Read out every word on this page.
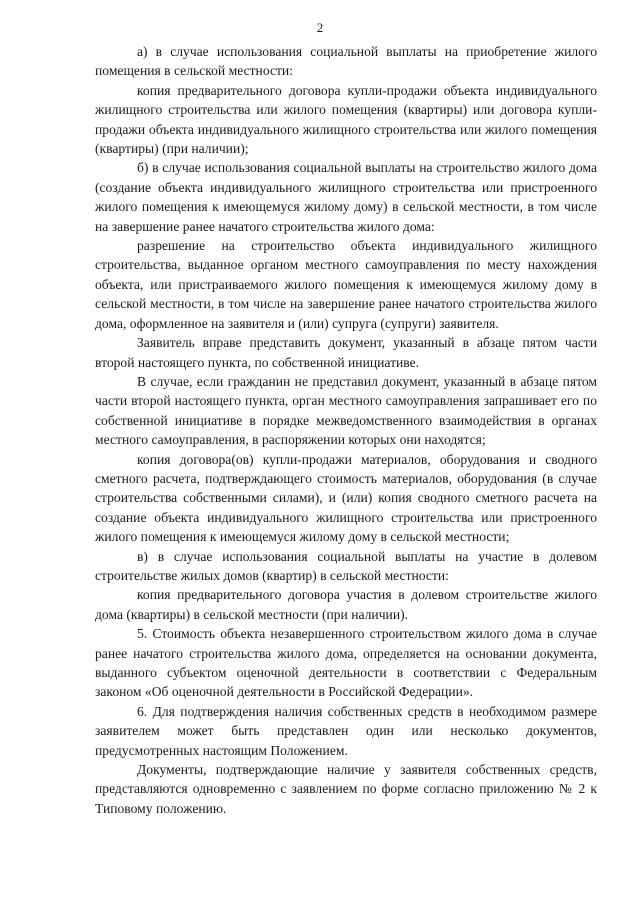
2

а) в случае использования социальной выплаты на приобретение жилого помещения в сельской местности:

копия предварительного договора купли-продажи объекта индивидуального жилищного строительства или жилого помещения (квартиры) или договора купли-продажи объекта индивидуального жилищного строительства или жилого помещения (квартиры) (при наличии);

б) в случае использования социальной выплаты на строительство жилого дома (создание объекта индивидуального жилищного строительства или пристроенного жилого помещения к имеющемуся жилому дому) в сельской местности, в том числе на завершение ранее начатого строительства жилого дома:

разрешение на строительство объекта индивидуального жилищного строительства, выданное органом местного самоуправления по месту нахождения объекта, или пристраиваемого жилого помещения к имеющемуся жилому дому в сельской местности, в том числе на завершение ранее начатого строительства жилого дома, оформленное на заявителя и (или) супруга (супруги) заявителя.

Заявитель вправе представить документ, указанный в абзаце пятом части второй настоящего пункта, по собственной инициативе.

В случае, если гражданин не представил документ, указанный в абзаце пятом части второй настоящего пункта, орган местного самоуправления запрашивает его по собственной инициативе в порядке межведомственного взаимодействия в органах местного самоуправления, в распоряжении которых они находятся;

копия договора(ов) купли-продажи материалов, оборудования и сводного сметного расчета, подтверждающего стоимость материалов, оборудования (в случае строительства собственными силами), и (или) копия сводного сметного расчета на создание объекта индивидуального жилищного строительства или пристроенного жилого помещения к имеющемуся жилому дому в сельской местности;

в) в случае использования социальной выплаты на участие в долевом строительстве жилых домов (квартир) в сельской местности:

копия предварительного договора участия в долевом строительстве жилого дома (квартиры) в сельской местности (при наличии).

5. Стоимость объекта незавершенного строительством жилого дома в случае ранее начатого строительства жилого дома, определяется на основании документа, выданного субъектом оценочной деятельности в соответствии с Федеральным законом «Об оценочной деятельности в Российской Федерации».

6. Для подтверждения наличия собственных средств в необходимом размере заявителем может быть представлен один или несколько документов, предусмотренных настоящим Положением.

Документы, подтверждающие наличие у заявителя собственных средств, представляются одновременно с заявлением по форме согласно приложению № 2 к Типовому положению.
